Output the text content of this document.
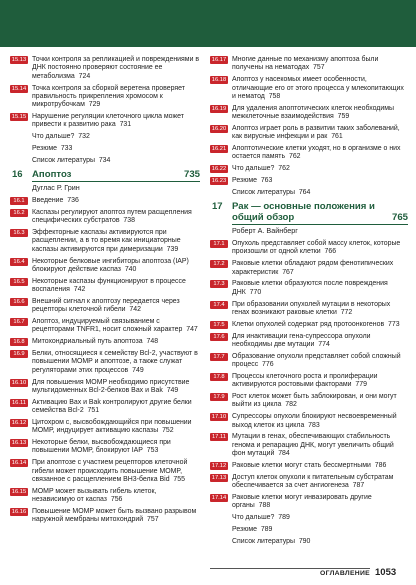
15.13 Точки контроля за репликацией и повреждениями в ДНК постоянно проверяют состояние ее метаболизма 724
15.14 Точка контроля за сборкой веретена проверяет правильность прикрепления хромосом к микротрубочкам 729
15.15 Нарушение регуляции клеточного цикла может привести к развитию рака 731
Что дальше? 732
Резюме 733
Список литературы 734
16 Апоптоз	735
Дуглас Р. Грин
16.1	Введение 736
16.2	Каспазы регулируют апоптоз путем расщепления специфических субстратов 738
16.3	Эффекторные каспазы активируются при расщеплении, а в то время как инициаторные каспазы активируются при димеризации 739
16.4	Некоторые белковые ингибиторы апоптоза (IAP) блокируют действие каспаз 740
16.5	Некоторые каспазы функционируют в процессе воспаления 742
16.6	Внешний сигнал к апоптозу передается через рецепторы клеточной гибели 742
16.7	Апоптоз, индуцируемый связыванием с рецепторами TNFR1, носит сложный характер 747
16.8	Митохондриальный путь апоптоза 748
16.9	Белки, относящиеся к семейству Bcl-2, участвуют в повышении MOMP и апоптозе, а также служат регуляторами этих процессов 749
16.10 Для повышения MOMP необходимо присутствие мультидоменных Bcl-2-белков Bax и Bak 749
16.11 Активацию Bax и Bak контролируют другие белки семейства Bcl-2 751
16.12 Цитохром c, высвобождающийся при повышении MOMP, индуцирует активацию каспазы 752
16.13 Некоторые белки, высвобождающиеся при повышении MOMP, блокируют IAP 753
16.14 При апоптозе с участием рецепторов клеточной гибели может происходить повышение MOMP, связанное с расщеплением ВН3-белка Bid 755
16.15 MOMP может вызывать гибель клеток, независимую от каспаз 756
16.16 Повышение MOMP может быть вызвано разрывом наружной мембраны митохондрий 757
16.17 Многие данные по механизму апоптоза были получены на нематодах 757
16.18 Апоптоз у насекомых имеет особенности, отличающие его от этого процесса у млекопитающих и нематод 758
16.19 Для удаления апоптотических клеток необходимы межклеточные взаимодействия 759
16.20 Апоптоз играет роль в развитии таких заболеваний, как вирусные инфекции и рак 761
16.21 Апоптотические клетки уходят, но в организме о них остается память 762
16.22 Что дальше? 762
16.23 Резюме 763
Список литературы 764
17 Рак — основные положения и общий обзор	765
Роберт А. Вайнберг
17.1	Опухоль представляет собой массу клеток, которые произошли от одной клетки 766
17.2	Раковые клетки обладают рядом фенотипических характеристик 767
17.3	Раковые клетки образуются после повреждения ДНК 770
17.4	При образовании опухолей мутации в некоторых генах возникают раковые клетки 772
17.5	Клетки опухолей содержат ряд протоонкогенов 773
17.6	Для инактивации гена-супрессора опухоли необходимы две мутации 774
17.7	Образование опухоли представляет собой сложный процесс 776
17.8	Процессы клеточного роста и пролиферации активируются ростовыми факторами 779
17.9	Рост клеток может быть заблокирован, и они могут выйти из цикла 782
17.10 Супрессоры опухоли блокируют несвоевременный выход клеток из цикла 783
17.11 Мутации в генах, обеспечивающих стабильность генома и репарацию ДНК, могут увеличить общий фон мутаций 784
17.12 Раковые клетки могут стать бессмертными 786
17.13 Доступ клеток опухоли к питательным субстратам обеспечивается за счет ангиогенеза 787
17.14 Раковые клетки могут инвазировать другие органы 788
Что дальше? 789
Резюме 789
Список литературы 790
ОГЛАВЛЕНИЕ 1053
